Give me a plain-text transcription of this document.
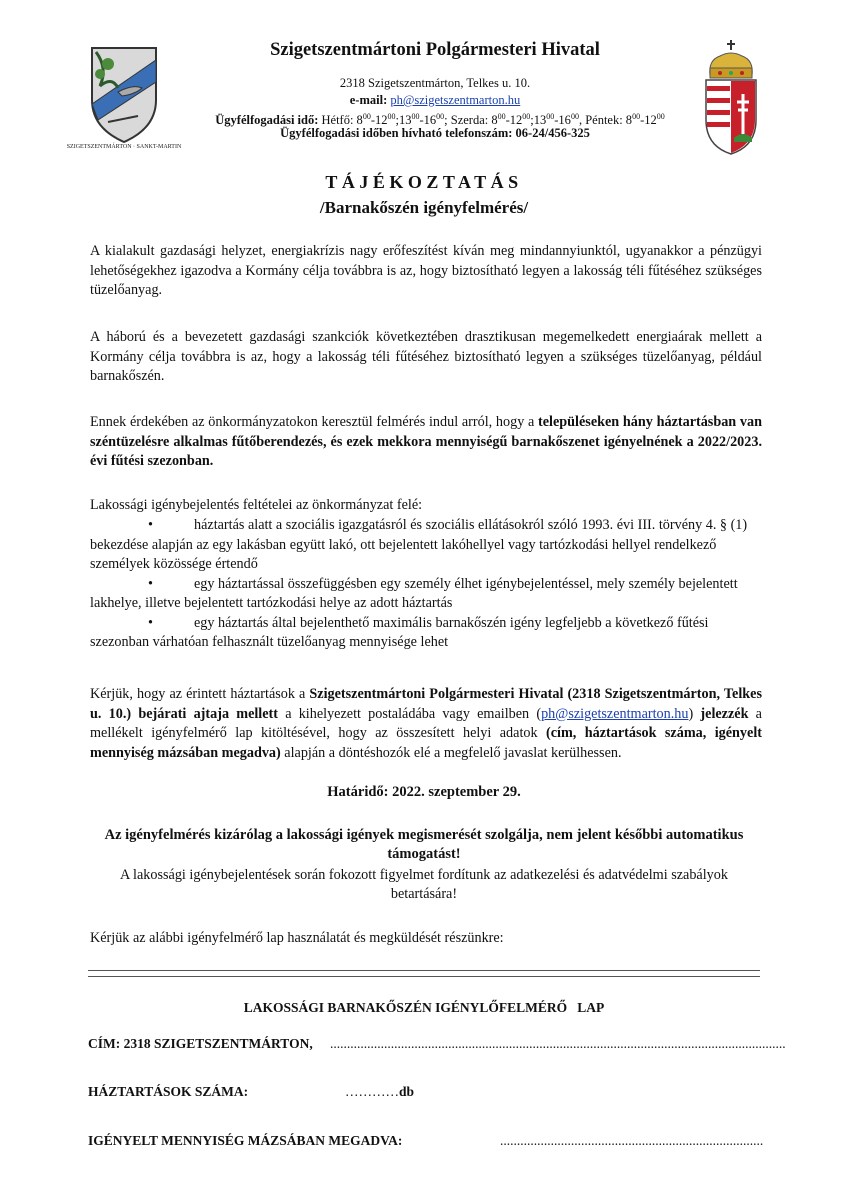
SZIGETSZENTMÁRTON · SANKT-MARTIN
Szigetszentmártoni Polgármesteri Hivatal
2318 Szigetszentmárton, Telkes u. 10.
e-mail: ph@szigetszentmarton.hu
Ügyfélfogadási idő: Hétfő: $8^{00}-12^{00};13^{00}-16^{00}$; Szerda: $8^{00}-12^{00};13^{00}-16^{00}$, Péntek: $8^{00}-12^{00}$
Ügyfélfogadási időben hívható telefonszám: 06-24/456-325
TÁJÉKOZTATÁS
/Barnakőszén igényfelmérés/
A kialakult gazdasági helyzet, energiakrízis nagy erőfeszítést kíván meg mindannyiunktól, ugyanakkor a pénzügyi lehetőségekhez igazodva a Kormány célja továbbra is az, hogy biztosítható legyen a lakosság téli fűtéséhez szükséges tüzelőanyag.
A háború és a bevezetett gazdasági szankciók következtében drasztikusan megemelkedett energiaárak mellett a Kormány célja továbbra is az, hogy a lakosság téli fűtéséhez biztosítható legyen a szükséges tüzelőanyag, például barnakőszén.
Ennek érdekében az önkormányzatokon keresztül felmérés indul arról, hogy a településeken hány háztartásban van széntüzelésre alkalmas fűtőberendezés, és ezek mekkora mennyiségű barnakőszenet igényelnének a 2022/2023. évi fűtési szezonban.
Lakossági igénybejelentés feltételei az önkormányzat felé:

•	háztartás alatt a szociális igazgatásról és szociális ellátásokról szóló 1993. évi III. törvény 4. § (1) bekezdése alapján az egy lakásban együtt lakó, ott bejelentett lakóhellyel vagy tartózkodási hellyel rendelkező személyek közössége értendő

•	egy háztartással összefüggésben egy személy élhet igénybejelentéssel, mely személy bejelentett lakhelye, illetve bejelentett tartózkodási helye az adott háztartás

•	egy háztartás által bejelenthető maximális barnakőszén igény legfeljebb a következő fűtési szezonban várhatóan felhasznált tüzelőanyag mennyisége lehet

Kérjük, hogy az érintett háztartások a Szigetszentmártoni Polgármesteri Hivatal (2318 Szigetszentmárton, Telkes u. 10.) bejárati ajtaja mellett a kihelyezett postaládába vagy emailben (ph@szigetszentmarton.hu) jelezzék a mellékelt igényfelmérő lap kitöltésével, hogy az összesített helyi adatok (cím, háztartások száma, igényelt mennyiség mázsában megadva) alapján a döntéshozók elé a megfelelő javaslat kerülhessen.
Határidő: 2022. szeptember 29.
Az igényfelmérés kizárólag a lakossági igények megismerését szolgálja, nem jelent későbbi automatikus támogatást!
A lakossági igénybejelentések során fokozott figyelmet fordítunk az adatkezelési és adatvédelmi szabályok betartására!
Kérjük az alábbi igényfelmérő lap használatát és megküldését részünkre:
LAKOSSÁGI BARNAKŐSZÉN IGÉNYLŐFELMÉRŐ   LAP
CÍM: 2318 SZIGETSZENTMÁRTON, .......................................................................................................................................
HÁZTARTÁSOK SZÁMA:	…………db
IGÉNYELT MENNYISÉG MÁZSÁBAN MEGADVA:	..............................................................................
